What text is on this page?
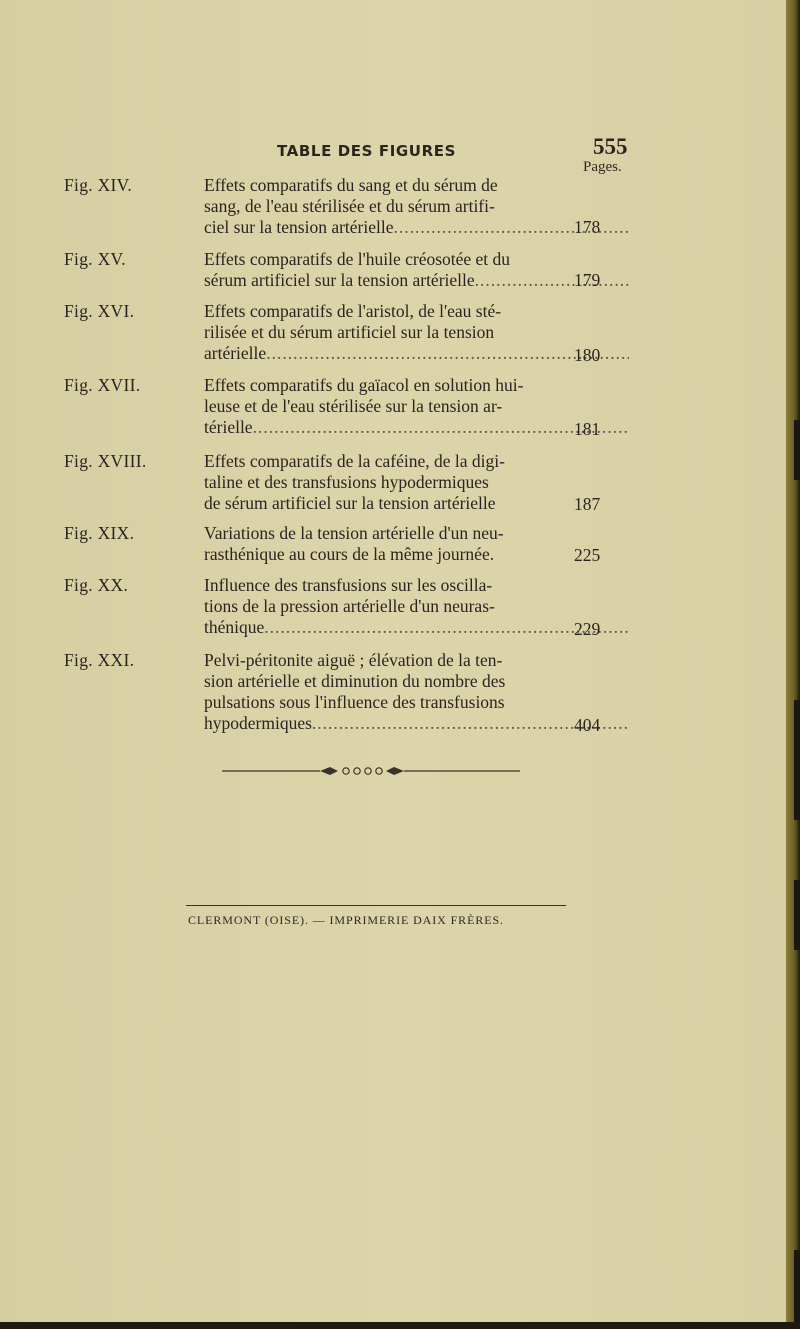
TABLE DES FIGURES	555
Pages.
Fig. XIV.	Effets comparatifs du sang et du sérum de
sang, de l'eau stérilisée et du sérum artifi-
ciel sur la tension artérielle .....	178
Fig. XV.	Effets comparatifs de l'huile créosotée et du
sérum artificiel sur la tension artérielle .....	179
Fig. XVI.	Effets comparatifs de l'aristol, de l'eau sté-
rilisée et du sérum artificiel sur la tension
artérielle .....	180
Fig. XVII.	Effets comparatifs du gaïacol en solution hui-
leuse et de l'eau stérilisée sur la tension ar-
térielle .....	181
Fig. XVIII.	Effets comparatifs de la caféine, de la digi-
taline et des transfusions hypodermiques
de sérum artificiel sur la tension artérielle	187
Fig. XIX.	Variations de la tension artérielle d'un neu-
rasthénique au cours de la même journée.	225
Fig. XX.	Influence des transfusions sur les oscilla-
tions de la pression artérielle d'un neuras-
thénique .....	229
Fig. XXI.	Pelvi-péritonite aiguë ; élévation de la ten-
sion artérielle et diminution du nombre des
pulsations sous l'influence des transfusions
hypodermiques .....	404
CLERMONT (OISE). — IMPRIMERIE DAIX FRÈRES.
